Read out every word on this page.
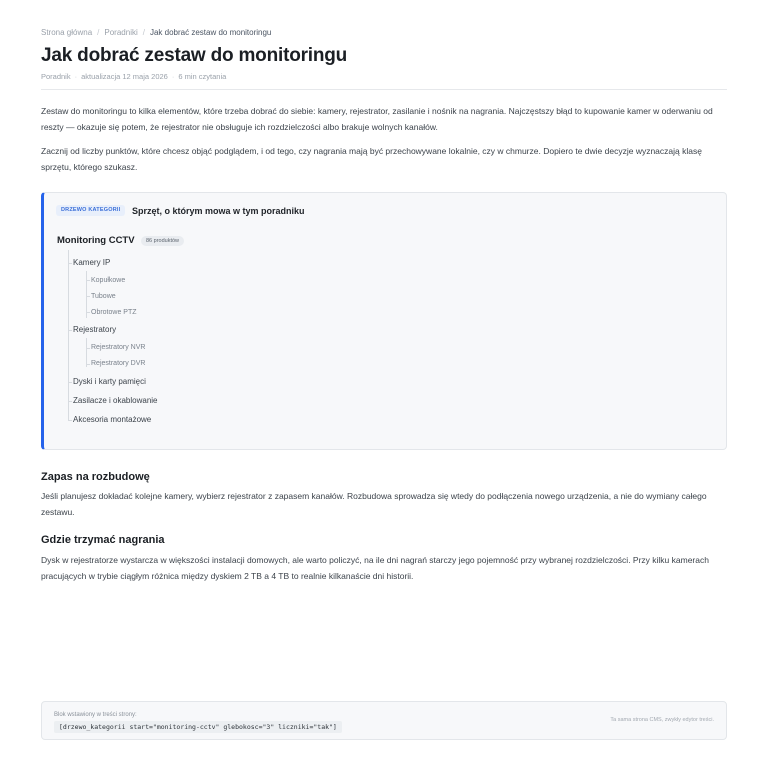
Strona główna / Poradniki / Jak dobrać zestaw do monitoringu
Jak dobrać zestaw do monitoringu
Poradnik · aktualizacja 12 maja 2026 · 6 min czytania

Zestaw do monitoringu to kilka elementów, które trzeba dobrać do siebie: kamery, rejestrator, zasilanie i nośnik na nagrania. Najczęstszy błąd to kupowanie kamer w oderwaniu od reszty — okazuje się potem, że rejestrator nie obsługuje ich rozdzielczości albo brakuje wolnych kanałów.

Zacznij od liczby punktów, które chcesz objąć podglądem, i od tego, czy nagrania mają być przechowywane lokalnie, czy w chmurze. Dopiero te dwie decyzje wyznaczają klasę sprzętu, którego szukasz.

DRZEWO KATEGORII	Sprzęt, o którym mowa w tym poradniku
Monitoring CCTV	86 produktów
Kamery IP
Kopułkowe
Tubowe
Obrotowe PTZ
Rejestratory
Rejestratory NVR
Rejestratory DVR
Dyski i karty pamięci
Zasilacze i okablowanie
Akcesoria montażowe
Zapas na rozbudowę

Jeśli planujesz dokładać kolejne kamery, wybierz rejestrator z zapasem kanałów. Rozbudowa sprowadza się wtedy do podłączenia nowego urządzenia, a nie do wymiany całego zestawu.

Gdzie trzymać nagrania

Dysk w rejestratorze wystarcza w większości instalacji domowych, ale warto policzyć, na ile dni nagrań starczy jego pojemność przy wybranej rozdzielczości. Przy kilku kamerach pracujących w trybie ciągłym różnica między dyskiem 2 TB a 4 TB to realnie kilkanaście dni historii.

Blok wstawiony w treści strony:
[drzewo_kategorii start="monitoring-cctv" glebokosc="3" liczniki="tak"]
Ta sama strona CMS, zwykły edytor treści.
